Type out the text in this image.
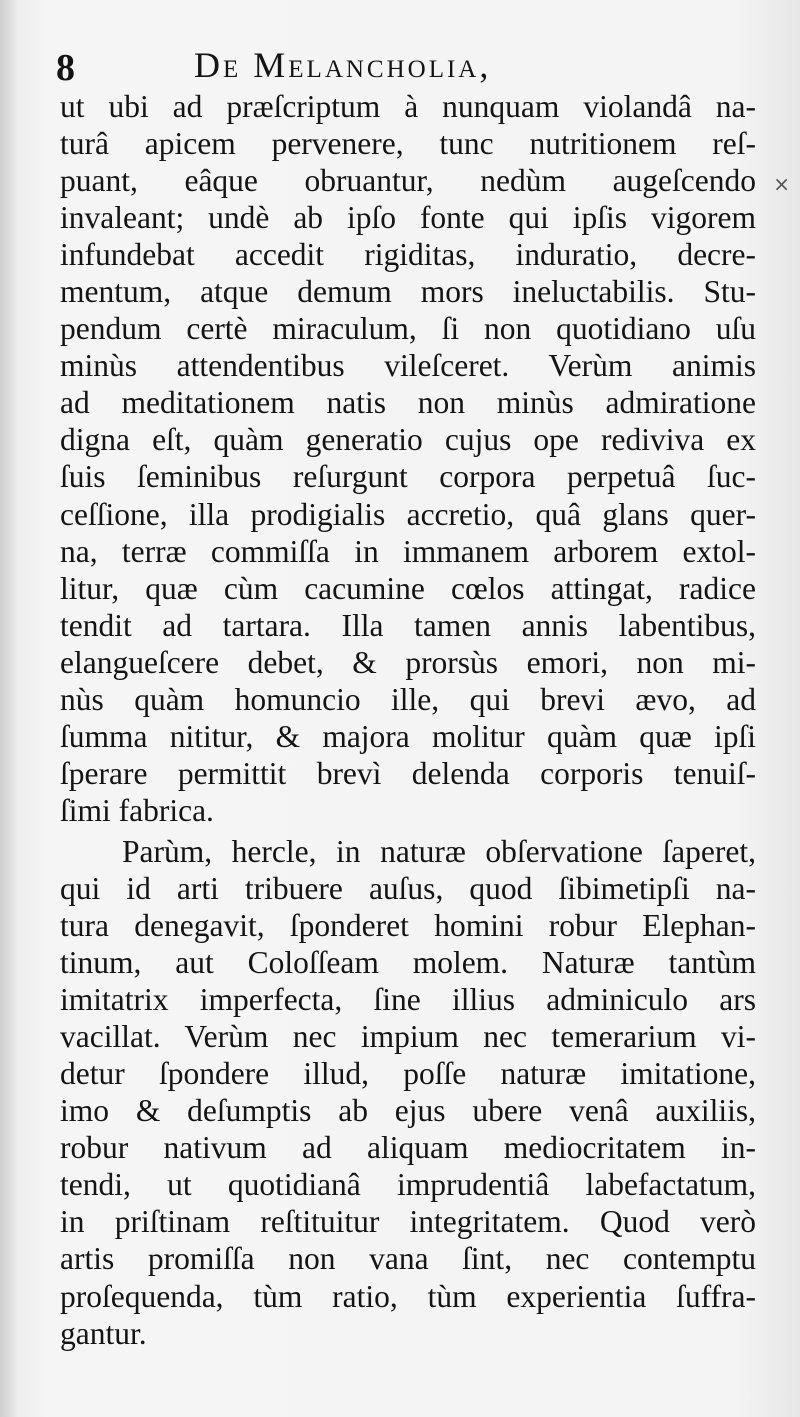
8	De Melancholia,
×
ut ubi ad præſcriptum à nunquam violandâ na-
turâ apicem pervenere, tunc nutritionem reſ-
puant, eâque obruantur, nedùm augeſcendo
invaleant; undè ab ipſo fonte qui ipſis vigorem
infundebat accedit rigiditas, induratio, decre-
mentum, atque demum mors ineluctabilis. Stu-
pendum certè miraculum, ſi non quotidiano uſu
minùs attendentibus vileſceret. Verùm animis
ad meditationem natis non minùs admiratione
digna eſt, quàm generatio cujus ope rediviva ex
ſuis ſeminibus reſurgunt corpora perpetuâ ſuc-
ceſſione, illa prodigialis accretio, quâ glans quer-
na, terræ commiſſa in immanem arborem extol-
litur, quæ cùm cacumine cœlos attingat, radice
tendit ad tartara. Illa tamen annis labentibus,
elangueſcere debet, & prorsùs emori, non mi-
nùs quàm homuncio ille, qui brevi ævo, ad
ſumma nititur, & majora molitur quàm quæ ipſi
ſperare permittit brevì delenda corporis tenuiſ-
ſimi fabrica.
Parùm, hercle, in naturæ obſervatione ſaperet,
qui id arti tribuere auſus, quod ſibimetipſi na-
tura denegavit, ſponderet homini robur Elephan-
tinum, aut Coloſſeam molem. Naturæ tantùm
imitatrix imperfecta, ſine illius adminiculo ars
vacillat. Verùm nec impium nec temerarium vi-
detur ſpondere illud, poſſe naturæ imitatione,
imo & deſumptis ab ejus ubere venâ auxiliis,
robur nativum ad aliquam mediocritatem in-
tendi, ut quotidianâ imprudentiâ labefactatum,
in priſtinam reſtituitur integritatem. Quod verò
artis promiſſa non vana ſint, nec contemptu
proſequenda, tùm ratio, tùm experientia ſuffra-
gantur.
